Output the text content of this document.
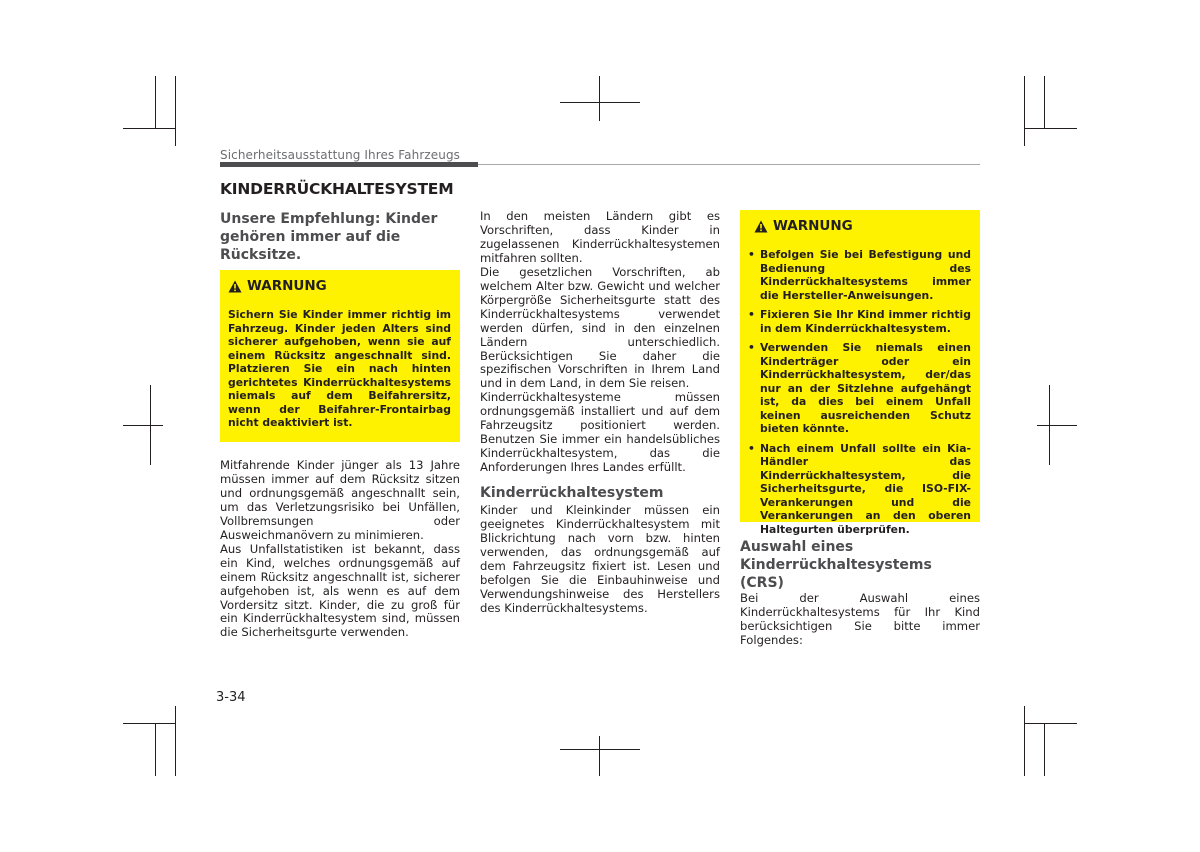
Sicherheitsausstattung Ihres Fahrzeugs
KINDERRÜCKHALTESYSTEM

Unsere Empfehlung: Kinder gehören immer auf die Rücksitze.

WARNUNG

Sichern Sie Kinder immer richtig im Fahrzeug. Kinder jeden Alters sind sicherer aufgehoben, wenn sie auf einem Rücksitz angeschnallt sind. Platzieren Sie ein nach hinten gerichtetes Kinderrückhaltesystems niemals auf dem Beifahrersitz, wenn der Beifahrer-Frontairbag nicht deaktiviert ist.

Mitfahrende Kinder jünger als 13 Jahre müssen immer auf dem Rücksitz sitzen und ordnungsgemäß angeschnallt sein, um das Verletzungsrisiko bei Unfällen, Vollbremsungen oder Ausweichmanövern zu minimieren.

Aus Unfallstatistiken ist bekannt, dass ein Kind, welches ordnungsgemäß auf einem Rücksitz angeschnallt ist, sicherer aufgehoben ist, als wenn es auf dem Vordersitz sitzt. Kinder, die zu groß für ein Kinderrückhaltesystem sind, müssen die Sicherheitsgurte verwenden.

In den meisten Ländern gibt es Vorschriften, dass Kinder in zugelassenen Kinderrückhaltesystemen mitfahren sollten.

Die gesetzlichen Vorschriften, ab welchem Alter bzw. Gewicht und welcher Körpergröße Sicherheitsgurte statt des Kinderrückhaltesystems verwendet werden dürfen, sind in den einzelnen Ländern unterschiedlich. Berücksichtigen Sie daher die spezifischen Vorschriften in Ihrem Land und in dem Land, in dem Sie reisen.

Kinderrückhaltesysteme müssen ordnungsgemäß installiert und auf dem Fahrzeugsitz positioniert werden. Benutzen Sie immer ein handelsübliches Kinderrückhaltesystem, das die Anforderungen Ihres Landes erfüllt.

Kinderrückhaltesystem

Kinder und Kleinkinder müssen ein geeignetes Kinderrückhaltesystem mit Blickrichtung nach vorn bzw. hinten verwenden, das ordnungsgemäß auf dem Fahrzeugsitz fixiert ist. Lesen und befolgen Sie die Einbauhinweise und Verwendungshinweise des Herstellers des Kinderrückhaltesystems.

WARNUNG
• Befolgen Sie bei Befestigung und Bedienung des Kinderrückhaltesystems immer die Hersteller-Anweisungen.
• Fixieren Sie Ihr Kind immer richtig in dem Kinderrückhaltesystem.
• Verwenden Sie niemals einen Kinderträger oder ein Kinderrückhaltesystem, der/das nur an der Sitzlehne aufgehängt ist, da dies bei einem Unfall keinen ausreichenden Schutz bieten könnte.
• Nach einem Unfall sollte ein Kia-Händler das Kinderrückhaltesystem, die Sicherheitsgurte, die ISO-FIX-Verankerungen und die Verankerungen an den oberen Haltegurten überprüfen.

Auswahl eines Kinderrückhaltesystems (CRS)

Bei der Auswahl eines Kinderrückhaltesystems für Ihr Kind berücksichtigen Sie bitte immer Folgendes:

3-34
